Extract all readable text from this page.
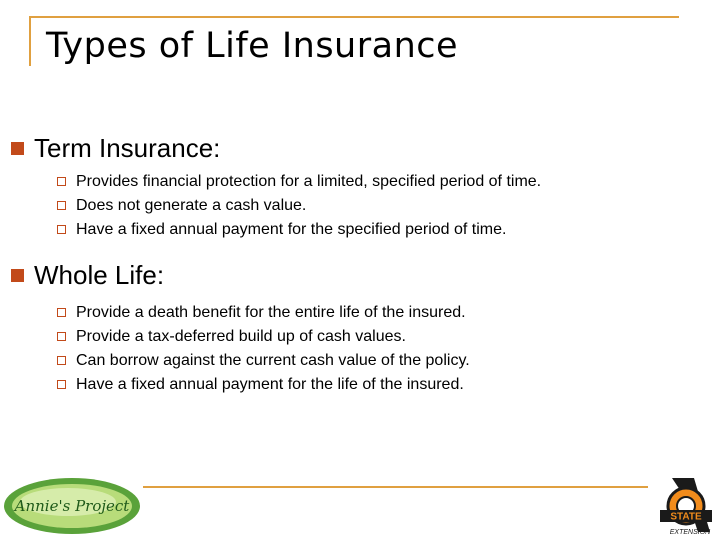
Types of Life Insurance
Term Insurance:
Provides financial protection for a limited, specified period of time.
Does not generate a cash value.
Have a fixed annual payment for the specified period of time.
Whole Life:
Provide a death benefit for the entire life of the insured.
Provide a tax-deferred build up of cash values.
Can borrow against the current cash value of the policy.
Have a fixed annual payment for the life of the insured.
Annie's Project
STATE
EXTENSION
